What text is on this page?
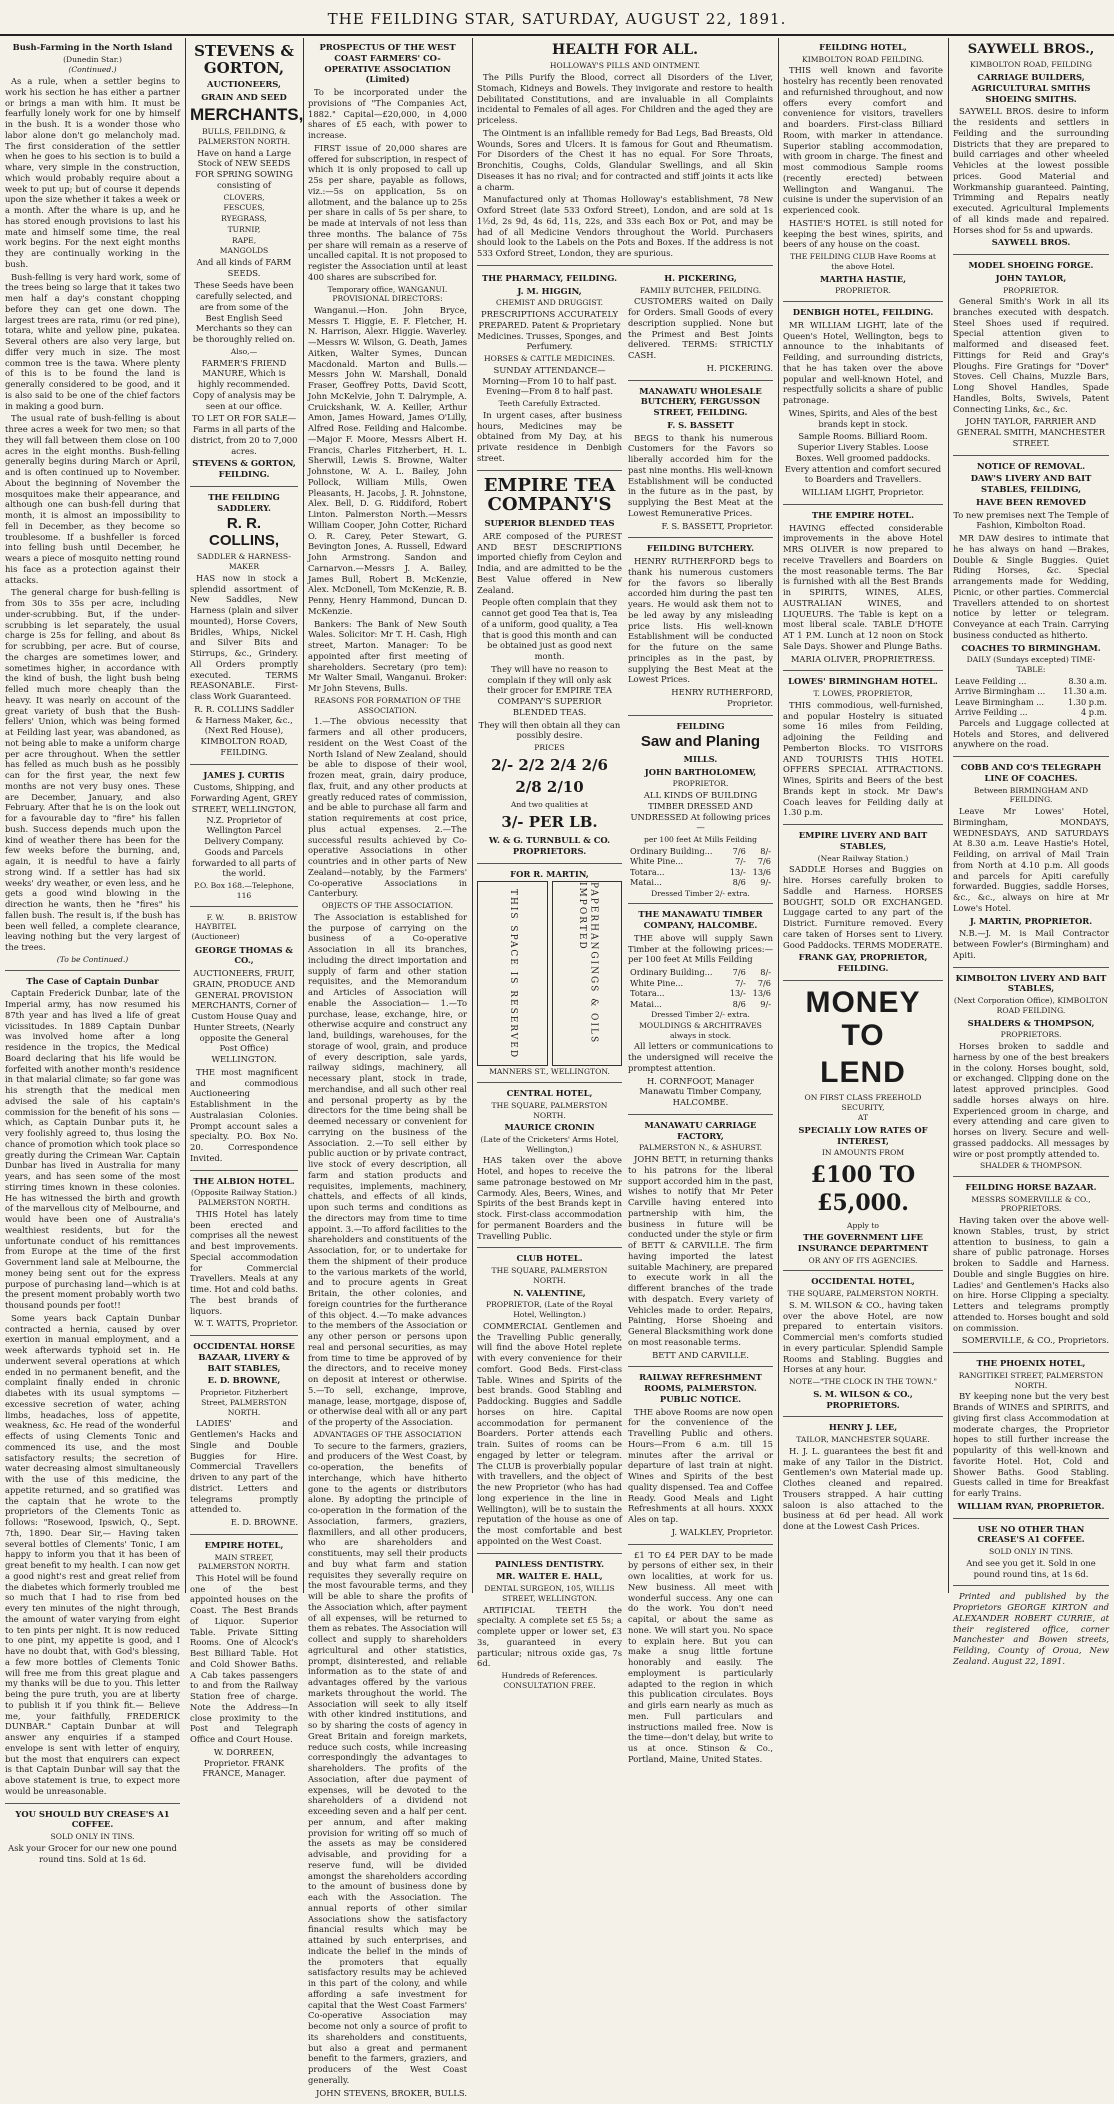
THE FEILDING STAR, SATURDAY, AUGUST 22, 1891.
Bush-Farming in the North Island
(Dunedin Star.)
(Continued.)

As a rule, when a settler begins to work his section he has either a partner or brings a man with him. It must be fearfully lonely work for one by himself in the bush. It is a wonder those who labor alone don't go melancholy mad. The first consideration of the settler when he goes to his section is to build a whare, very simple in the construction, which would probably require about a week to put up; but of course it depends upon the size whether it takes a week or a month. After the whare is up, and he has stored enough provisions to last his mate and himself some time, the real work begins. For the next eight months they are continually working in the bush.

Bush-felling is very hard work, some of the trees being so large that it takes two men half a day's constant chopping before they can get one down. The largest trees are rata, rimu (or red pine), totara, white and yellow pine, pukatea. Several others are also very large, but differ very much in size. The most common tree is the tawa. Where plenty of this is to be found the land is generally considered to be good, and it is also said to be one of the chief factors in making a good burn.

The usual rate of bush-felling is about three acres a week for two men; so that they will fall between them close on 100 acres in the eight months. Bush-felling generally begins during March or April, and is often continued up to November. About the beginning of November the mosquitoes make their appearance, and although one can bush-fell during that month, it is almost an impossibility to fell in December, as they become so troublesome. If a bushfeller is forced into felling bush until December, he wears a piece of mosquito netting round his face as a protection against their attacks.

The general charge for bush-felling is from 30s to 35s per acre, including under-scrubbing. But, if the under-scrubbing is let separately, the usual charge is 25s for felling, and about 8s for scrubbing, per acre. But of course, the charges are sometimes lower, and sometimes higher, in accordance with the kind of bush, the light bush being felled much more cheaply than the heavy. It was nearly on account of the great variety of bush that the Bush-fellers' Union, which was being formed at Feilding last year, was abandoned, as not being able to make a uniform charge per acre throughout. When the settler has felled as much bush as he possibly can for the first year, the next few months are not very busy ones. These are December, January, and also February. After that he is on the look out for a favourable day to "fire" his fallen bush. Success depends much upon the kind of weather there has been for the few weeks before the burning, and, again, it is needful to have a fairly strong wind. If a settler has had six weeks' dry weather, or even less, and he gets a good wind blowing in the direction he wants, then he "fires" his fallen bush. The result is, if the bush has been well felled, a complete clearance, leaving nothing but the very largest of the trees.

(To be Continued.)
The Case of Captain Dunbar

Captain Frederick Dunbar, late of the Imperial army, has now resumed his 87th year and has lived a life of great vicissitudes. In 1889 Captain Dunbar was involved home after a long residence in the tropics, the Medical Board declaring that his life would be forfeited with another month's residence in that malarial climate; so far gone was his strength that the medical men advised the sale of his captain's commission for the benefit of his sons — which, as Captain Dunbar puts it, he very foolishly agreed to, thus losing the chance of promotion which took place so greatly during the Crimean War. Captain Dunbar has lived in Australia for many years, and has seen some of the most stirring times known in these colonies. He has witnessed the birth and growth of the marvellous city of Melbourne, and would have been one of Australia's wealthiest residents, but for the unfortunate conduct of his remittances from Europe at the time of the first Government land sale at Melbourne, the money being sent out for the express purpose of purchasing land—which is at the present moment probably worth two thousand pounds per foot!!

Some years back Captain Dunbar contracted a hernia, caused by over exertion in manual employment, and a week afterwards typhoid set in. He underwent several operations at which ended in no permanent benefit, and the complaint finally ended in chronic diabetes with its usual symptoms — excessive secretion of water, aching limbs, headaches, loss of appetite, weakness, &c. He read of the wonderful effects of using Clements Tonic and commenced its use, and the most satisfactory results; the secretion of water decreasing almost simultaneously with the use of this medicine, the appetite returned, and so gratified was the captain that he wrote to the proprietors of the Clements Tonic as follows: "Rosewood, Ipswich, Q., Sept. 7th, 1890. Dear Sir,— Having taken several bottles of Clements' Tonic, I am happy to inform you that it has been of great benefit to my health. I can now get a good night's rest and great relief from the diabetes which formerly troubled me so much that I had to rise from bed every ten minutes of the night through, the amount of water varying from eight to ten pints per night. It is now reduced to one pint, my appetite is good, and I have no doubt that, with God's blessing, a few more bottles of Clements Tonic will free me from this great plague and my thanks will be due to you. This letter being the pure truth, you are at liberty to publish it if you think fit.— Believe me, your faithfully, FREDERICK DUNBAR." Captain Dunbar at will answer any enquiries if a stamped envelope is sent with letter of enquiry, but the most that enquirers can expect is that Captain Dunbar will say that the above statement is true, to expect more would be unreasonable.

YOU SHOULD BUY CREASE'S A1 COFFEE.
SOLD ONLY IN TINS.

Ask your Grocer for our new one pound round tins. Sold at 1s 6d.

STEVENS & GORTON,
AUCTIONEERS,
GRAIN AND SEED
MERCHANTS,
BULLS, FEILDING, & PALMERSTON NORTH.

Have on hand a Large Stock of NEW SEEDS FOR SPRING SOWING consisting of

CLOVERS,
FESCUES,
RYEGRASS,
TURNIP,
RAPE,
MANGOLDS

And all kinds of FARM SEEDS.

These Seeds have been carefully selected, and are from some of the Best English Seed Merchants so they can be thoroughly relied on.

Also,—

FARMER'S FRIEND MANURE, Which is highly recommended. Copy of analysis may be seen at our office.

TO LET OR FOR SALE— Farms in all parts of the district, from 20 to 7,000 acres.

STEVENS & GORTON, FEILDING.
THE FEILDING SADDLERY.
R. R. COLLINS,
SADDLER & HARNESS-MAKER

HAS now in stock a splendid assortment of New Saddles, New Harness (plain and silver mounted), Horse Covers, Bridles, Whips, Nickel and Silver Bits and Stirrups, &c., Grindery. All Orders promptly executed. TERMS REASONABLE. First-class Work Guaranteed.

R. R. COLLINS Saddler & Harness Maker, &c., (Next Red House), KIMBOLTON ROAD, FEILDING.

JAMES J. CURTIS

Customs, Shipping, and Forwarding Agent, GREY STREET, WELLINGTON, N.Z. Proprietor of Wellington Parcel Delivery Company. Goods and Parcels forwarded to all parts of the world.

P.O. Box 168.—Telephone, 116
F. W. HAYBITEL (Auctioneer)
B. BRISTOW
GEORGE THOMAS & CO.,

AUCTIONEERS, FRUIT, GRAIN, PRODUCE AND GENERAL PROVISION MERCHANTS, Corner of Custom House Quay and Hunter Streets, (Nearly opposite the General Post Office) WELLINGTON.

THE most magnificent and commodious Auctioneering Establishment in the Australasian Colonies. Prompt account sales a specialty. P.O. Box No. 20. Correspondence Invited.

THE ALBION HOTEL.
(Opposite Railway Station.) PALMERSTON NORTH.

THIS Hotel has lately been erected and comprises all the newest and best improvements. Special accommodation for Commercial Travellers. Meals at any time. Hot and cold baths. The best brands of liquors.

W. T. WATTS, Proprietor.

OCCIDENTAL HORSE BAZAAR, LIVERY & BAIT STABLES,
E. D. BROWNE,
Proprietor. Fitzherbert Street, PALMERSTON NORTH.

LADIES' and Gentlemen's Hacks and Single and Double Buggies for Hire. Commercial Travellers driven to any part of the district. Letters and telegrams promptly attended to.

E. D. BROWNE.

EMPIRE HOTEL,
MAIN STREET, PALMERSTON NORTH.

This Hotel will be found one of the best appointed houses on the Coast. The Best Brands of Liquor. Superior Table. Private Sitting Rooms. One of Alcock's Best Billiard Table. Hot and Cold Shower Baths. A Cab takes passengers to and from the Railway Station free of charge. Note the Address—In close proximity to the Post and Telegraph Office and Court House.

W. DORREEN, Proprietor. FRANK FRANCE, Manager.

PROSPECTUS OF THE WEST COAST FARMERS' CO-OPERATIVE ASSOCIATION (Limited)

To be incorporated under the provisions of "The Companies Act, 1882." Capital—£20,000, in 4,000 shares of £5 each, with power to increase.

FIRST issue of 20,000 shares are offered for subscription, in respect of which it is only proposed to call up 25s per share, payable as follows, viz.:—5s on application, 5s on allotment, and the balance up to 25s per share in calls of 5s per share, to be made at intervals of not less than three months. The balance of 75s per share will remain as a reserve of uncalled capital. It is not proposed to register the Association until at least 400 shares are subscribed for.

Temporary office, WANGANUI. PROVISIONAL DIRECTORS:

Wanganui.—Hon. John Bryce, Messrs T. Higgie, E. F. Fletcher, H. N. Harrison, Alexr. Higgie. Waverley.—Messrs W. Wilson, G. Death, James Aitken, Walter Symes, Duncan Macdonald. Marton and Bulls.—Messrs John W. Marshall, Donald Fraser, Geoffrey Potts, David Scott, John McKelvie, John T. Dalrymple, A. Cruickshank, W. A. Keiller, Arthur Amon, James Howard, James O'Lilly, Alfred Rose. Feilding and Halcombe.—Major F. Moore, Messrs Albert H. Francis, Charles Fitzherbert, H. L. Sherwill, Lewis S. Browne, Walter Johnstone, W. A. L. Bailey, John Pollock, William Mills, Owen Pleasants, H. Jacobs, J. R. Johnstone, Alex. Bell, D. G. Riddiford, Robert Linton. Palmerston North.—Messrs William Cooper, John Cotter, Richard O. R. Carey, Peter Stewart, G. Bevington Jones, A. Russell, Edward John Armstrong. Sandon and Carnarvon.—Messrs J. A. Bailey, James Bull, Robert B. McKenzie, Alex. McDonell, Tom McKenzie, R. B. Penny, Henry Hammond, Duncan D. McKenzie.

Bankers: The Bank of New South Wales. Solicitor: Mr T. H. Cash, High street, Marton. Manager: To be appointed after first meeting of shareholders. Secretary (pro tem): Mr Walter Smail, Wanganui. Broker: Mr John Stevens, Bulls.

REASONS FOR FORMATION OF THE ASSOCIATION.

1.—The obvious necessity that farmers and all other producers, resident on the West Coast of the North Island of New Zealand, should be able to dispose of their wool, frozen meat, grain, dairy produce, flax, fruit, and any other products at greatly reduced rates of commission, and be able to purchase all farm and station requirements at cost price, plus actual expenses. 2.—The successful results achieved by Co-operative Associations in other countries and in other parts of New Zealand—notably, by the Farmers' Co-operative Associations in Canterbury.

OBJECTS OF THE ASSOCIATION.

The Association is established for the purpose of carrying on the business of a Co-operative Association in all its branches, including the direct importation and supply of farm and other station requisites, and the Memorandum and Articles of Association will enable the Association— 1.—To purchase, lease, exchange, hire, or otherwise acquire and construct any land, buildings, warehouses, for the storage of wool, grain, and produce of every description, sale yards, railway sidings, machinery, all necessary plant, stock in trade, merchandise, and all such other real and personal property as by the directors for the time being shall be deemed necessary or convenient for carrying on the business of the Association. 2.—To sell either by public auction or by private contract, live stock of every description, all farm and station products and requisites, implements, machinery, chattels, and effects of all kinds, upon such terms and conditions as the directors may from time to time appoint. 3.—To afford facilities to the shareholders and constituents of the Association, for, or to undertake for them the shipment of their produce to the various markets of the world, and to procure agents in Great Britain, the other colonies, and foreign countries for the furtherance of this object. 4.—To make advances to the members of the Association or any other person or persons upon real and personal securities, as may from time to time be approved of by the directors, and to receive money on deposit at interest or otherwise. 5.—To sell, exchange, improve, manage, lease, mortgage, dispose of, or otherwise deal with all or any part of the property of the Association.

ADVANTAGES OF THE ASSOCIATION

To secure to the farmers, graziers, and producers of the West Coast, by co-operation, the benefits of interchange, which have hitherto gone to the agents or distributors alone. By adopting the principle of co-operation in the formation of the Association, farmers, graziers, flaxmillers, and all other producers, who are shareholders and constituents, may sell their products and buy what farm and station requisites they severally require on the most favourable terms, and they will be able to share the profits of the Association which, after payment of all expenses, will be returned to them as rebates. The Association will collect and supply to shareholders agricultural and other statistics, prompt, disinterested, and reliable information as to the state of and advantages offered by the various markets throughout the world. The Association will seek to ally itself with other kindred institutions, and so by sharing the costs of agency in Great Britain and foreign markets, reduce such costs, while increasing correspondingly the advantages to shareholders. The profits of the Association, after due payment of expenses, will be devoted to the shareholders of a dividend not exceeding seven and a half per cent. per annum, and after making provision for writing off so much of the assets as may be considered advisable, and providing for a reserve fund, will be divided amongst the shareholders according to the amount of business done by each with the Association. The annual reports of other similar Associations show the satisfactory financial results which may be attained by such enterprises, and indicate the belief in the minds of the promoters that equally satisfactory results may be achieved in this part of the colony, and while affording a safe investment for capital that the West Coast Farmers' Co-operative Association may become not only a source of profit to its shareholders and constituents, but also a great and permanent benefit to the farmers, graziers, and producers of the West Coast generally.

JOHN STEVENS, BROKER, BULLS.

HEALTH FOR ALL.
HOLLOWAY'S PILLS AND OINTMENT.

The Pills Purify the Blood, correct all Disorders of the Liver, Stomach, Kidneys and Bowels. They invigorate and restore to health Debilitated Constitutions, and are invaluable in all Complaints incidental to Females of all ages. For Children and the aged they are priceless.

The Ointment is an infallible remedy for Bad Legs, Bad Breasts, Old Wounds, Sores and Ulcers. It is famous for Gout and Rheumatism. For Disorders of the Chest it has no equal. For Sore Throats, Bronchitis, Coughs, Colds, Glandular Swellings, and all Skin Diseases it has no rival; and for contracted and stiff joints it acts like a charm.

Manufactured only at Thomas Holloway's establishment, 78 New Oxford Street (late 533 Oxford Street), London, and are sold at 1s 1½d, 2s 9d, 4s 6d, 11s, 22s, and 33s each Box or Pot, and may be had of all Medicine Vendors throughout the World. Purchasers should look to the Labels on the Pots and Boxes. If the address is not 533 Oxford Street, London, they are spurious.

THE PHARMACY, FEILDING.
J. M. HIGGIN,
CHEMIST AND DRUGGIST.

PRESCRIPTIONS ACCURATELY PREPARED. Patent & Proprietary Medicines. Trusses, Sponges, and Perfumery.

HORSES & CATTLE MEDICINES.

SUNDAY ATTENDANCE— Morning—From 10 to half past. Evening—From 8 to half past.

Teeth Carefully Extracted.

In urgent cases, after business hours, Medicines may be obtained from My Day, at his private residence in Denbigh street.

EMPIRE TEA COMPANY'S
SUPERIOR BLENDED TEAS

ARE composed of the PUREST AND BEST DESCRIPTIONS imported chiefly from Ceylon and India, and are admitted to be the Best Value offered in New Zealand.

People often complain that they cannot get good Tea that is, Tea of a uniform, good quality, a Tea that is good this month and can be obtained just as good next month.

They will have no reason to complain if they will only ask their grocer for EMPIRE TEA COMPANY'S SUPERIOR BLENDED TEAS.

They will then obtain all they can possibly desire.

PRICES
2/- 2/2 2/4 2/6
2/8 2/10
And two qualities at
3/- PER LB.
W. & G. TURNBULL & CO. PROPRIETORS.
FOR R. MARTIN,
THIS SPACE IS RESERVED	PAPERHANGINGS & OILS IMPORTED
MANNERS ST., WELLINGTON.
CENTRAL HOTEL,
THE SQUARE, PALMERSTON NORTH.
MAURICE CRONIN
(Late of the Cricketers' Arms Hotel, Wellington,)

HAS taken over the above Hotel, and hopes to receive the same patronage bestowed on Mr Carmody. Ales, Beers, Wines, and Spirits of the best Brands kept in stock. First-class accommodation for permanent Boarders and the Travelling Public.

CLUB HOTEL.
THE SQUARE, PALMERSTON NORTH.
N. VALENTINE,
PROPRIETOR, (Late of the Royal Hotel, Wellington.)

COMMERCIAL Gentlemen and the Travelling Public generally, will find the above Hotel replete with every convenience for their comfort. Good Beds. First-class Table. Wines and Spirits of the best brands. Good Stabling and Paddocking. Buggies and Saddle horses on hire. Capital accommodation for permanent Boarders. Porter attends each train. Suites of rooms can be engaged by letter or telegram. The CLUB is proverbially popular with travellers, and the object of the new Proprietor (who has had long experience in the line in Wellington), will be to sustain the reputation of the house as one of the most comfortable and best appointed on the West Coast.

PAINLESS DENTISTRY.
MR. WALTER E. HALL,
DENTAL SURGEON, 105, WILLIS STREET, WELLINGTON.

ARTIFICIAL TEETH the specialty. A complete set £5 5s; a complete upper or lower set, £3 3s, guaranteed in every particular; nitrous oxide gas, 7s 6d.

Hundreds of References. CONSULTATION FREE.
H. PICKERING,
FAMILY BUTCHER, FEILDING.

CUSTOMERS waited on Daily for Orders. Small Goods of every description supplied. None but the Primest and Best Joints delivered. TERMS: STRICTLY CASH.

H. PICKERING.

MANAWATU WHOLESALE BUTCHERY, FERGUSSON STREET, FEILDING.
F. S. BASSETT

BEGS to thank his numerous Customers for the Favors so liberally accorded him for the past nine months. His well-known Establishment will be conducted in the future as in the past, by supplying the Best Meat at the Lowest Remunerative Prices.

F. S. BASSETT, Proprietor.

FEILDING BUTCHERY.

HENRY RUTHERFORD begs to thank his numerous customers for the favors so liberally accorded him during the past ten years. He would ask them not to be led away by any misleading price lists. His well-known Establishment will be conducted for the future on the same principles as in the past, by supplying the Best Meat at the Lowest Prices.

HENRY RUTHERFORD, Proprietor.

FEILDING
Saw and Planing
MILLS.
JOHN BARTHOLOMEW,
PROPRIETOR.

ALL KINDS OF BUILDING TIMBER DRESSED AND UNDRESSED At following prices—

per 100 feet At Mills Feilding
Ordinary Building...	7/6	8/-
White Pine...	7/-	7/6
Totara...	13/-	13/6
Matai...	8/6	9/-
Dressed Timber 2/- extra.
THE MANAWATU TIMBER COMPANY, HALCOMBE.

THE above will supply Sawn Timber at the following prices:— per 100 feet At Mills Feilding

Ordinary Building...	7/6	8/-
White Pine...	7/-	7/6
Totara...	13/-	13/6
Matai...	8/6	9/-
Dressed Timber 2/- extra.
MOULDINGS & ARCHITRAVES always in stock.

All letters or communications to the undersigned will receive the promptest attention.

H. CORNFOOT, Manager Manawatu Timber Company, HALCOMBE.

MANAWATU CARRIAGE FACTORY,
PALMERSTON N., & ASHURST.

JOHN BETT, in returning thanks to his patrons for the liberal support accorded him in the past, wishes to notify that Mr Peter Carville having entered into partnership with him, the business in future will be conducted under the style or firm of BETT & CARVILLE. The firm having imported the latest suitable Machinery, are prepared to execute work in all the different branches of the trade with despatch. Every variety of Vehicles made to order. Repairs, Painting, Horse Shoeing and General Blacksmithing work done on most reasonable terms.

BETT AND CARVILLE.

RAILWAY REFRESHMENT ROOMS, PALMERSTON. PUBLIC NOTICE.

THE above Rooms are now open for the convenience of the Travelling Public and others. Hours—From 6 a.m. till 15 minutes after the arrival or departure of last train at night. Wines and Spirits of the best quality dispensed. Tea and Coffee Ready. Good Meals and Light Refreshments at all hours. XXXX Ales on tap.

J. WALKLEY, Proprietor.

£1 TO £4 PER DAY to be made by persons of either sex, in their own localities, at work for us. New business. All meet with wonderful success. Any one can do the work. You don't need capital, or about the same as none. We will start you. No space to explain here. But you can make a snug little fortune honorably and easily. The employment is particularly adapted to the region in which this publication circulates. Boys and girls earn nearly as much as men. Full particulars and instructions mailed free. Now is the time—don't delay, but write to us at once. Stinson & Co., Portland, Maine, United States.

FEILDING HOTEL,
KIMBOLTON ROAD FEILDING.

THIS well known and favorite hostelry has recently been renovated and refurnished throughout, and now offers every comfort and convenience for visitors, travellers and boarders. First-class Billiard Room, with marker in attendance. Superior stabling accommodation, with groom in charge. The finest and most commodious Sample rooms (recently erected) between Wellington and Wanganui. The cuisine is under the supervision of an experienced cook.

HASTIE'S HOTEL is still noted for keeping the best wines, spirits, and beers of any house on the coast.

THE FEILDING CLUB Have Rooms at the above Hotel.
MARTHA HASTIE,
PROPRIETOR.
DENBIGH HOTEL, FEILDING.

MR WILLIAM LIGHT, late of the Queen's Hotel, Wellington, begs to announce to the inhabitants of Feilding, and surrounding districts, that he has taken over the above popular and well-known Hotel, and respectfully solicits a share of public patronage.

Wines, Spirits, and Ales of the best brands kept in stock.

Sample Rooms. Billiard Room. Superior Livery Stables. Loose Boxes. Well groomed paddocks. Every attention and comfort secured to Boarders and Travellers.

WILLIAM LIGHT, Proprietor.

THE EMPIRE HOTEL.

HAVING effected considerable improvements in the above Hotel MRS OLIVER is now prepared to receive Travellers and Boarders on the most reasonable terms. The Bar is furnished with all the Best Brands in SPIRITS, WINES, ALES, AUSTRALIAN WINES, and LIQUEURS. The Table is kept on a most liberal scale. TABLE D'HOTE AT 1 P.M. Lunch at 12 noon on Stock Sale Days. Shower and Plunge Baths.

MARIA OLIVER, PROPRIETRESS.

LOWES' BIRMINGHAM HOTEL.
T. LOWES, PROPRIETOR,

THIS commodious, well-furnished, and popular Hostelry is situated some 16 miles from Feilding, adjoining the Feilding and Pemberton Blocks. TO VISITORS AND TOURISTS THIS HOTEL OFFERS SPECIAL ATTRACTIONS. Wines, Spirits and Beers of the best Brands kept in stock. Mr Daw's Coach leaves for Feilding daily at 1.30 p.m.

EMPIRE LIVERY AND BAIT STABLES,
(Near Railway Station.)

SADDLE Horses and Buggies on hire. Horses carefully broken to Saddle and Harness. HORSES BOUGHT, SOLD OR EXCHANGED. Luggage carted to any part of the District. Furniture removed. Every care taken of Horses sent to Livery. Good Paddocks. TERMS MODERATE.

FRANK GAY, PROPRIETOR, FEILDING.
MONEY TO
LEND
ON FIRST CLASS FREEHOLD SECURITY,
AT
SPECIALLY LOW RATES OF INTEREST,
IN AMOUNTS FROM
£100 TO £5,000.
Apply to
THE GOVERNMENT LIFE INSURANCE DEPARTMENT
OR ANY OF ITS AGENCIES.
OCCIDENTAL HOTEL,
THE SQUARE, PALMERSTON NORTH.

S. M. WILSON & CO., having taken over the above Hotel, are now prepared to entertain visitors. Commercial men's comforts studied in every particular. Splendid Sample Rooms and Stabling. Buggies and Horses at any hour.

NOTE—"THE CLOCK IN THE TOWN."
S. M. WILSON & CO., PROPRIETORS.
HENRY J. LEE,
TAILOR, MANCHESTER SQUARE.

H. J. L. guarantees the best fit and make of any Tailor in the District. Gentlemen's own Material made up. Clothes cleaned and repaired. Trousers strapped. A hair cutting saloon is also attached to the business at 6d per head. All work done at the Lowest Cash Prices.

SAYWELL BROS.,
KIMBOLTON ROAD, FEILDING
CARRIAGE BUILDERS, AGRICULTURAL SMITHS SHOEING SMITHS.

SAYWELL BROS. desire to inform the residents and settlers in Feilding and the surrounding Districts that they are prepared to build carriages and other wheeled Vehicles at the lowest possible prices. Good Material and Workmanship guaranteed. Painting, Trimming and Repairs neatly executed. Agricultural Implements of all kinds made and repaired. Horses shod for 5s and upwards.

SAYWELL BROS.
MODEL SHOEING FORGE.
JOHN TAYLOR,
PROPRIETOR.

General Smith's Work in all its branches executed with despatch. Steel Shoes used if required. Special attention given to malformed and diseased feet. Fittings for Reid and Gray's Ploughs. Fire Gratings for "Dover" Stoves. Cell Chains, Muzzle Bars, Long Shovel Handles, Spade Handles, Bolts, Swivels, Patent Connecting Links, &c., &c.

JOHN TAYLOR, FARRIER AND GENERAL SMITH, MANCHESTER STREET.

NOTICE OF REMOVAL.
DAW'S LIVERY AND BAIT STABLES, FEILDING,
HAVE BEEN REMOVED

To new premises next The Temple of Fashion, Kimbolton Road.

MR DAW desires to intimate that he has always on hand —Brakes, Double & Single Buggies. Quiet Riding Horses, &c. Special arrangements made for Wedding, Picnic, or other parties. Commercial Travellers attended to on shortest notice by letter or telegram. Conveyance at each Train. Carrying business conducted as hitherto.

COACHES TO BIRMINGHAM.
DAILY (Sundays excepted) TIME-TABLE:
Leave Feilding ...	8.30 a.m.
Arrive Birmingham ...	11.30 a.m.
Leave Birmingham ...	1.30 p.m.
Arrive Feilding ...	4 p.m.

Parcels and Luggage collected at Hotels and Stores, and delivered anywhere on the road.

COBB AND CO'S TELEGRAPH LINE OF COACHES.
Between BIRMINGHAM AND FEILDING.

Leave Mr Lowes' Hotel, Birmingham, MONDAYS, WEDNESDAYS, AND SATURDAYS At 8.30 a.m. Leave Hastie's Hotel, Feilding, on arrival of Mail Train from North at 4.10 p.m. All goods and parcels for Apiti carefully forwarded. Buggies, saddle Horses, &c., &c., always on hire at Mr Lowe's Hotel.

J. MARTIN, PROPRIETOR.

N.B.—J. M. is Mail Contractor between Fowler's (Birmingham) and Apiti.

KIMBOLTON LIVERY AND BAIT STABLES,
(Next Corporation Office), KIMBOLTON ROAD FEILDING.
SHALDERS & THOMPSON,
PROPRIETORS.

Horses broken to saddle and harness by one of the best breakers in the colony. Horses bought, sold, or exchanged. Clipping done on the latest approved principles. Good saddle horses always on hire. Experienced groom in charge, and every attending and care given to horses on livery. Secure and well-grassed paddocks. All messages by wire or post promptly attended to.

SHALDER & THOMPSON.
FEILDING HORSE BAZAAR.
MESSRS SOMERVILLE & CO., PROPRIETORS.

Having taken over the above well-known Stables, trust, by strict attention to business, to gain a share of public patronage. Horses broken to Saddle and Harness. Double and single Buggies on hire. Ladies' and Gentlemen's Hacks also on hire. Horse Clipping a specialty. Letters and telegrams promptly attended to. Horses bought and sold on commission.

SOMERVILLE, & CO., Proprietors.

THE PHOENIX HOTEL,
RANGITIKEI STREET, PALMERSTON NORTH.

BY keeping none but the very best Brands of WINES and SPIRITS, and giving first class Accommodation at moderate charges, the Proprietor hopes to still further increase the popularity of this well-known and favorite Hotel. Hot, Cold and Shower Baths. Good Stabling. Guests called in time for Breakfast for early Trains.

WILLIAM RYAN, PROPRIETOR.
USE NO OTHER THAN CREASE'S A1 COFFEE.
SOLD ONLY IN TINS.

And see you get it. Sold in one pound round tins, at 1s 6d.

Printed and published by the Proprietors GEORGE KIRTON and ALEXANDER ROBERT CURRIE, at their registered office, corner Manchester and Bowen streets, Feilding, County of Oroua, New Zealand. August 22, 1891.
